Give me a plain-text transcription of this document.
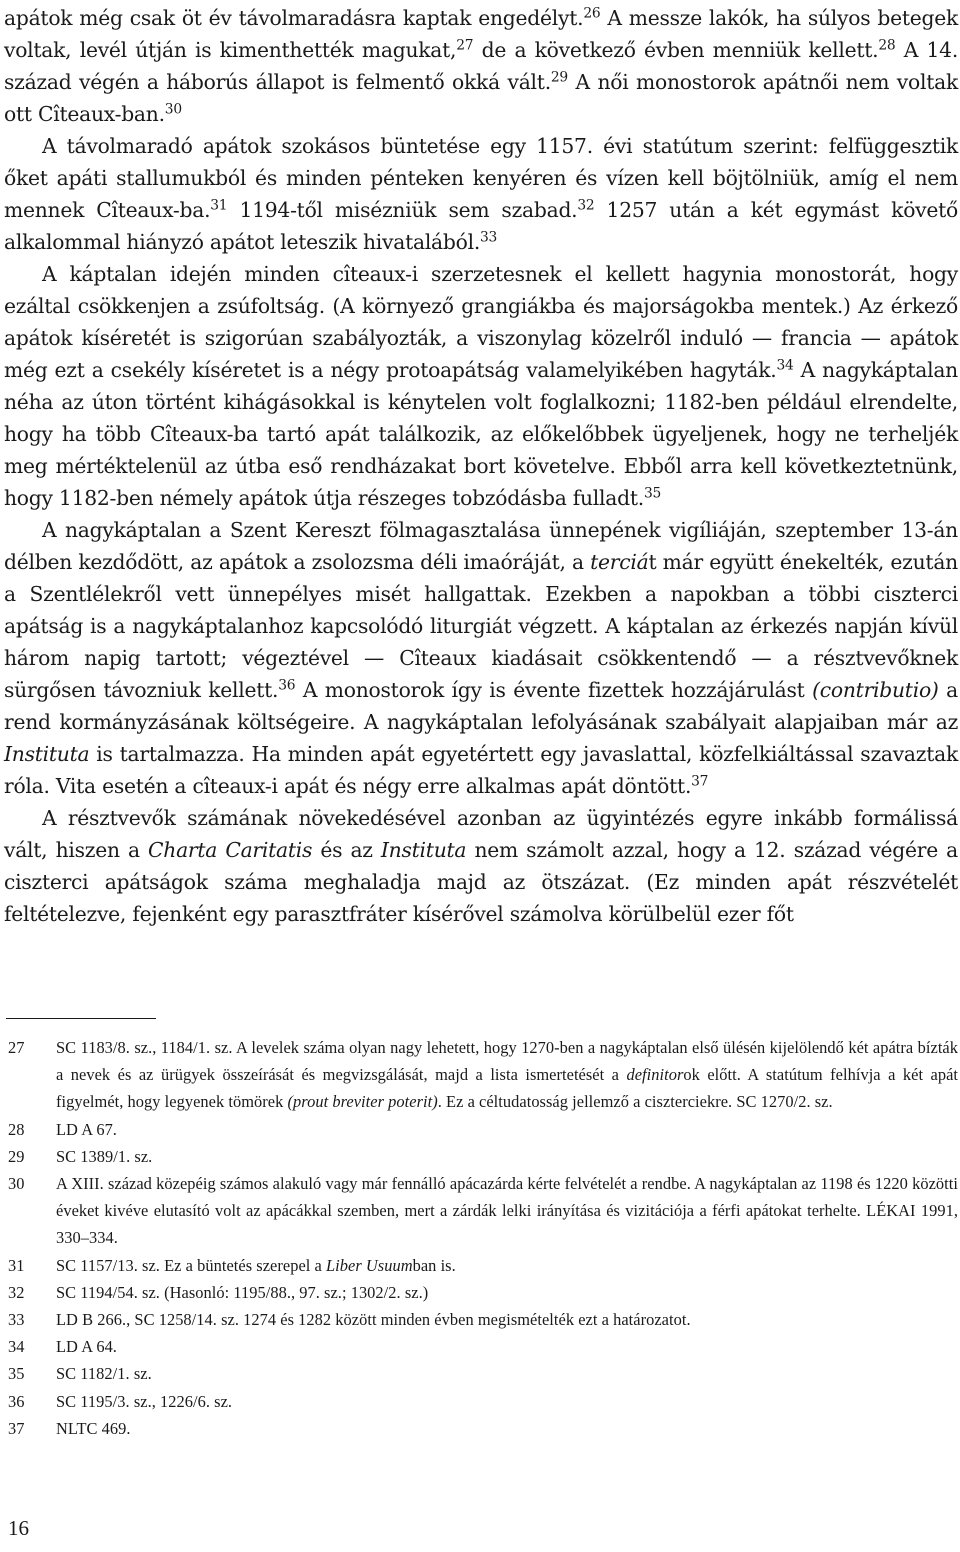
apátok még csak öt év távolmaradásra kaptak engedélyt.$^{26}$ A messze lakók, ha súlyos betegek voltak, levél útján is kimenthették magukat,$^{27}$ de a következő évben menniük kellett.$^{28}$ A 14. század végén a háborús állapot is felmentő okká vált.$^{29}$ A női monostorok apátnői nem voltak ott Cîteaux-ban.$^{30}$

A távolmaradó apátok szokásos büntetése egy 1157. évi statútum szerint: felfüggesztik őket apáti stallumukból és minden pénteken kenyéren és vízen kell böjtölniük, amíg el nem mennek Cîteaux-ba.$^{31}$ 1194-től misézniük sem szabad.$^{32}$ 1257 után a két egymást követő alkalommal hiányzó apátot leteszik hivatalából.$^{33}$

A káptalan idején minden cîteaux-i szerzetesnek el kellett hagynia monostorát, hogy ezáltal csökkenjen a zsúfoltság. (A környező grangiákba és majorságokba mentek.) Az érkező apátok kíséretét is szigorúan szabályozták, a viszonylag közelről induló — francia — apátok még ezt a csekély kíséretet is a négy protoapátság valamelyikében hagyták.$^{34}$ A nagykáptalan néha az úton történt kihágásokkal is kénytelen volt foglalkozni; 1182-ben például elrendelte, hogy ha több Cîteaux-ba tartó apát találkozik, az előkelőbbek ügyeljenek, hogy ne terheljék meg mértéktelenül az útba eső rendházakat bort követelve. Ebből arra kell következtetnünk, hogy 1182-ben némely apátok útja részeges tobzódásba fulladt.$^{35}$

A nagykáptalan a Szent Kereszt fölmagasztalása ünnepének vigíliáján, szeptember 13-án délben kezdődött, az apátok a zsolozsma déli imaóráját, a terciát már együtt énekelték, ezután a Szentlélekről vett ünnepélyes misét hallgattak. Ezekben a napokban a többi ciszterci apátság is a nagykáptalanhoz kapcsolódó liturgiát végzett. A káptalan az érkezés napján kívül három napig tartott; végeztével — Cîteaux kiadásait csökkentendő — a résztvevőknek sürgősen távozniuk kellett.$^{36}$ A monostorok így is évente fizettek hozzájárulást (contributio) a rend kormányzásának költségeire. A nagykáptalan lefolyásának szabályait alapjaiban már az Instituta is tartalmazza. Ha minden apát egyetértett egy javaslattal, közfelkiáltással szavaztak róla. Vita esetén a cîteaux-i apát és négy erre alkalmas apát döntött.$^{37}$

A résztvevők számának növekedésével azonban az ügyintézés egyre inkább formálissá vált, hiszen a Charta Caritatis és az Instituta nem számolt azzal, hogy a 12. század végére a ciszterci apátságok száma meghaladja majd az ötszázat. (Ez minden apát részvételét feltételezve, fejenként egy parasztfráter kísérővel számolva körülbelül ezer főt

27	SC 1183/8. sz., 1184/1. sz. A levelek száma olyan nagy lehetett, hogy 1270-ben a nagykáptalan első ülésén kijelölendő két apátra bízták a nevek és az ürügyek összeírását és megvizsgálását, majd a lista ismertetését a definitorok előtt. A statútum felhívja a két apát figyelmét, hogy legyenek tömörek (prout breviter poterit). Ez a céltudatosság jellemző a ciszterciekre. SC 1270/2. sz.
28	LD A 67.
29	SC 1389/1. sz.
30	A XIII. század közepéig számos alakuló vagy már fennálló apácazárda kérte felvételét a rendbe. A nagykáptalan az 1198 és 1220 közötti éveket kivéve elutasító volt az apácákkal szemben, mert a zárdák lelki irányítása és vizitációja a férfi apátokat terhelte. LÉKAI 1991, 330–334.
31	SC 1157/13. sz. Ez a büntetés szerepel a Liber Usuumban is.
32	SC 1194/54. sz. (Hasonló: 1195/88., 97. sz.; 1302/2. sz.)
33	LD B 266., SC 1258/14. sz. 1274 és 1282 között minden évben megismételték ezt a határozatot.
34	LD A 64.
35	SC 1182/1. sz.
36	SC 1195/3. sz., 1226/6. sz.
37	NLTC 469.
16
